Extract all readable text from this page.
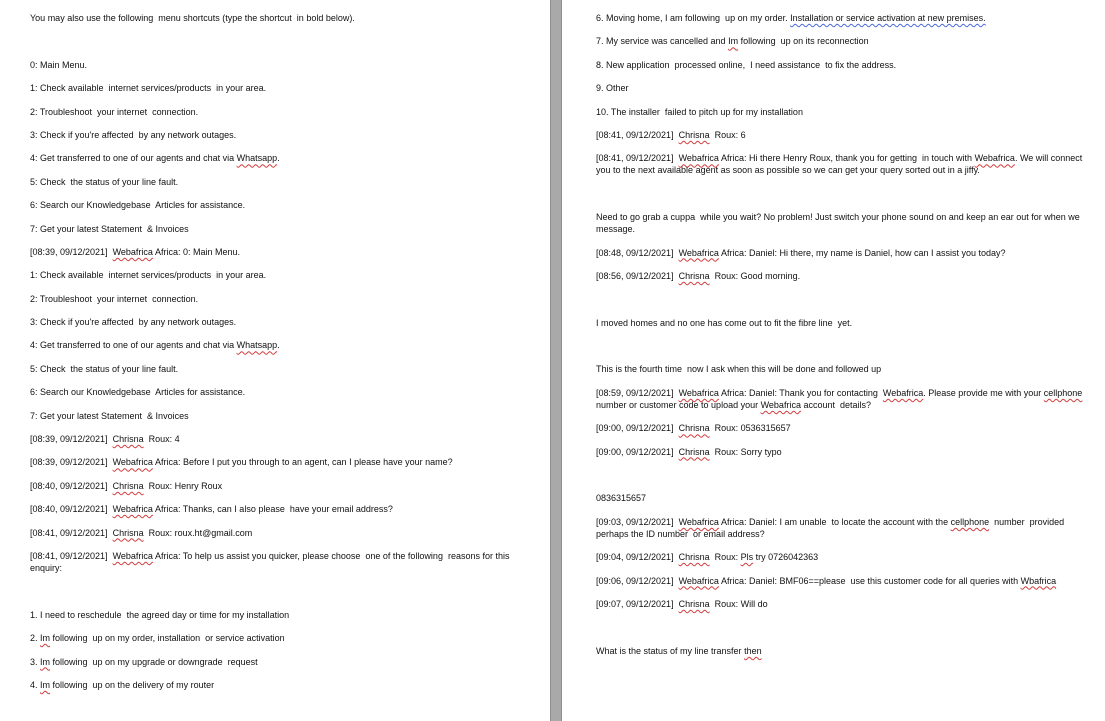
You may also use the following  menu shortcuts (type the shortcut  in bold below).

0: Main Menu.

1: Check available  internet services/products  in your area.

2: Troubleshoot  your internet  connection.

3: Check if you're affected  by any network outages.

4: Get transferred to one of our agents and chat via Whatsapp.

5: Check  the status of your line fault.

6: Search our Knowledgebase  Articles for assistance.

7: Get your latest Statement  & Invoices

[08:39, 09/12/2021]  Webafrica Africa: 0: Main Menu.

1: Check available  internet services/products  in your area.

2: Troubleshoot  your internet  connection.

3: Check if you're affected  by any network outages.

4: Get transferred to one of our agents and chat via Whatsapp.

5: Check  the status of your line fault.

6: Search our Knowledgebase  Articles for assistance.

7: Get your latest Statement  & Invoices

[08:39, 09/12/2021]  Chrisna  Roux: 4

[08:39, 09/12/2021]  Webafrica Africa: Before I put you through to an agent, can I please have your name?

[08:40, 09/12/2021]  Chrisna  Roux: Henry Roux

[08:40, 09/12/2021]  Webafrica Africa: Thanks, can I also please  have your email address?

[08:41, 09/12/2021]  Chrisna  Roux: roux.ht@gmail.com

[08:41, 09/12/2021]  Webafrica Africa: To help us assist you quicker, please choose  one of the following  reasons for this enquiry:

1. I need to reschedule  the agreed day or time for my installation

2. Im following  up on my order, installation  or service activation

3. Im following  up on my upgrade or downgrade  request

4. Im following  up on the delivery of my router

6. Moving home, I am following  up on my order. Installation or service activation at new premises.

7. My service was cancelled and Im following  up on its reconnection

8. New application  processed online,  I need assistance  to fix the address.

9. Other

10. The installer  failed to pitch up for my installation

[08:41, 09/12/2021]  Chrisna  Roux: 6

[08:41, 09/12/2021]  Webafrica Africa: Hi there Henry Roux, thank you for getting  in touch with Webafrica. We will connect  you to the next available agent as soon as possible so we can get your query sorted out in a jiffy.

Need to go grab a cuppa  while you wait? No problem! Just switch your phone sound on and keep an ear out for when we message.

[08:48, 09/12/2021]  Webafrica Africa: Daniel: Hi there, my name is Daniel, how can I assist you today?

[08:56, 09/12/2021]  Chrisna  Roux: Good morning.

I moved homes and no one has come out to fit the fibre line  yet.

This is the fourth time  now I ask when this will be done and followed up

[08:59, 09/12/2021]  Webafrica Africa: Daniel: Thank you for contacting  Webafrica. Please provide me with your cellphone  number or customer code to upload your Webafrica account  details?

[09:00, 09/12/2021]  Chrisna  Roux: 0536315657

[09:00, 09/12/2021]  Chrisna  Roux: Sorry typo

0836315657

[09:03, 09/12/2021]  Webafrica Africa: Daniel: I am unable  to locate the account with the cellphone  number  provided perhaps the ID number  or email address?

[09:04, 09/12/2021]  Chrisna  Roux: Pls try 0726042363

[09:06, 09/12/2021]  Webafrica Africa: Daniel: BMF06==please  use this customer code for all queries with Wbafrica

[09:07, 09/12/2021]  Chrisna  Roux: Will do

What is the status of my line transfer then
